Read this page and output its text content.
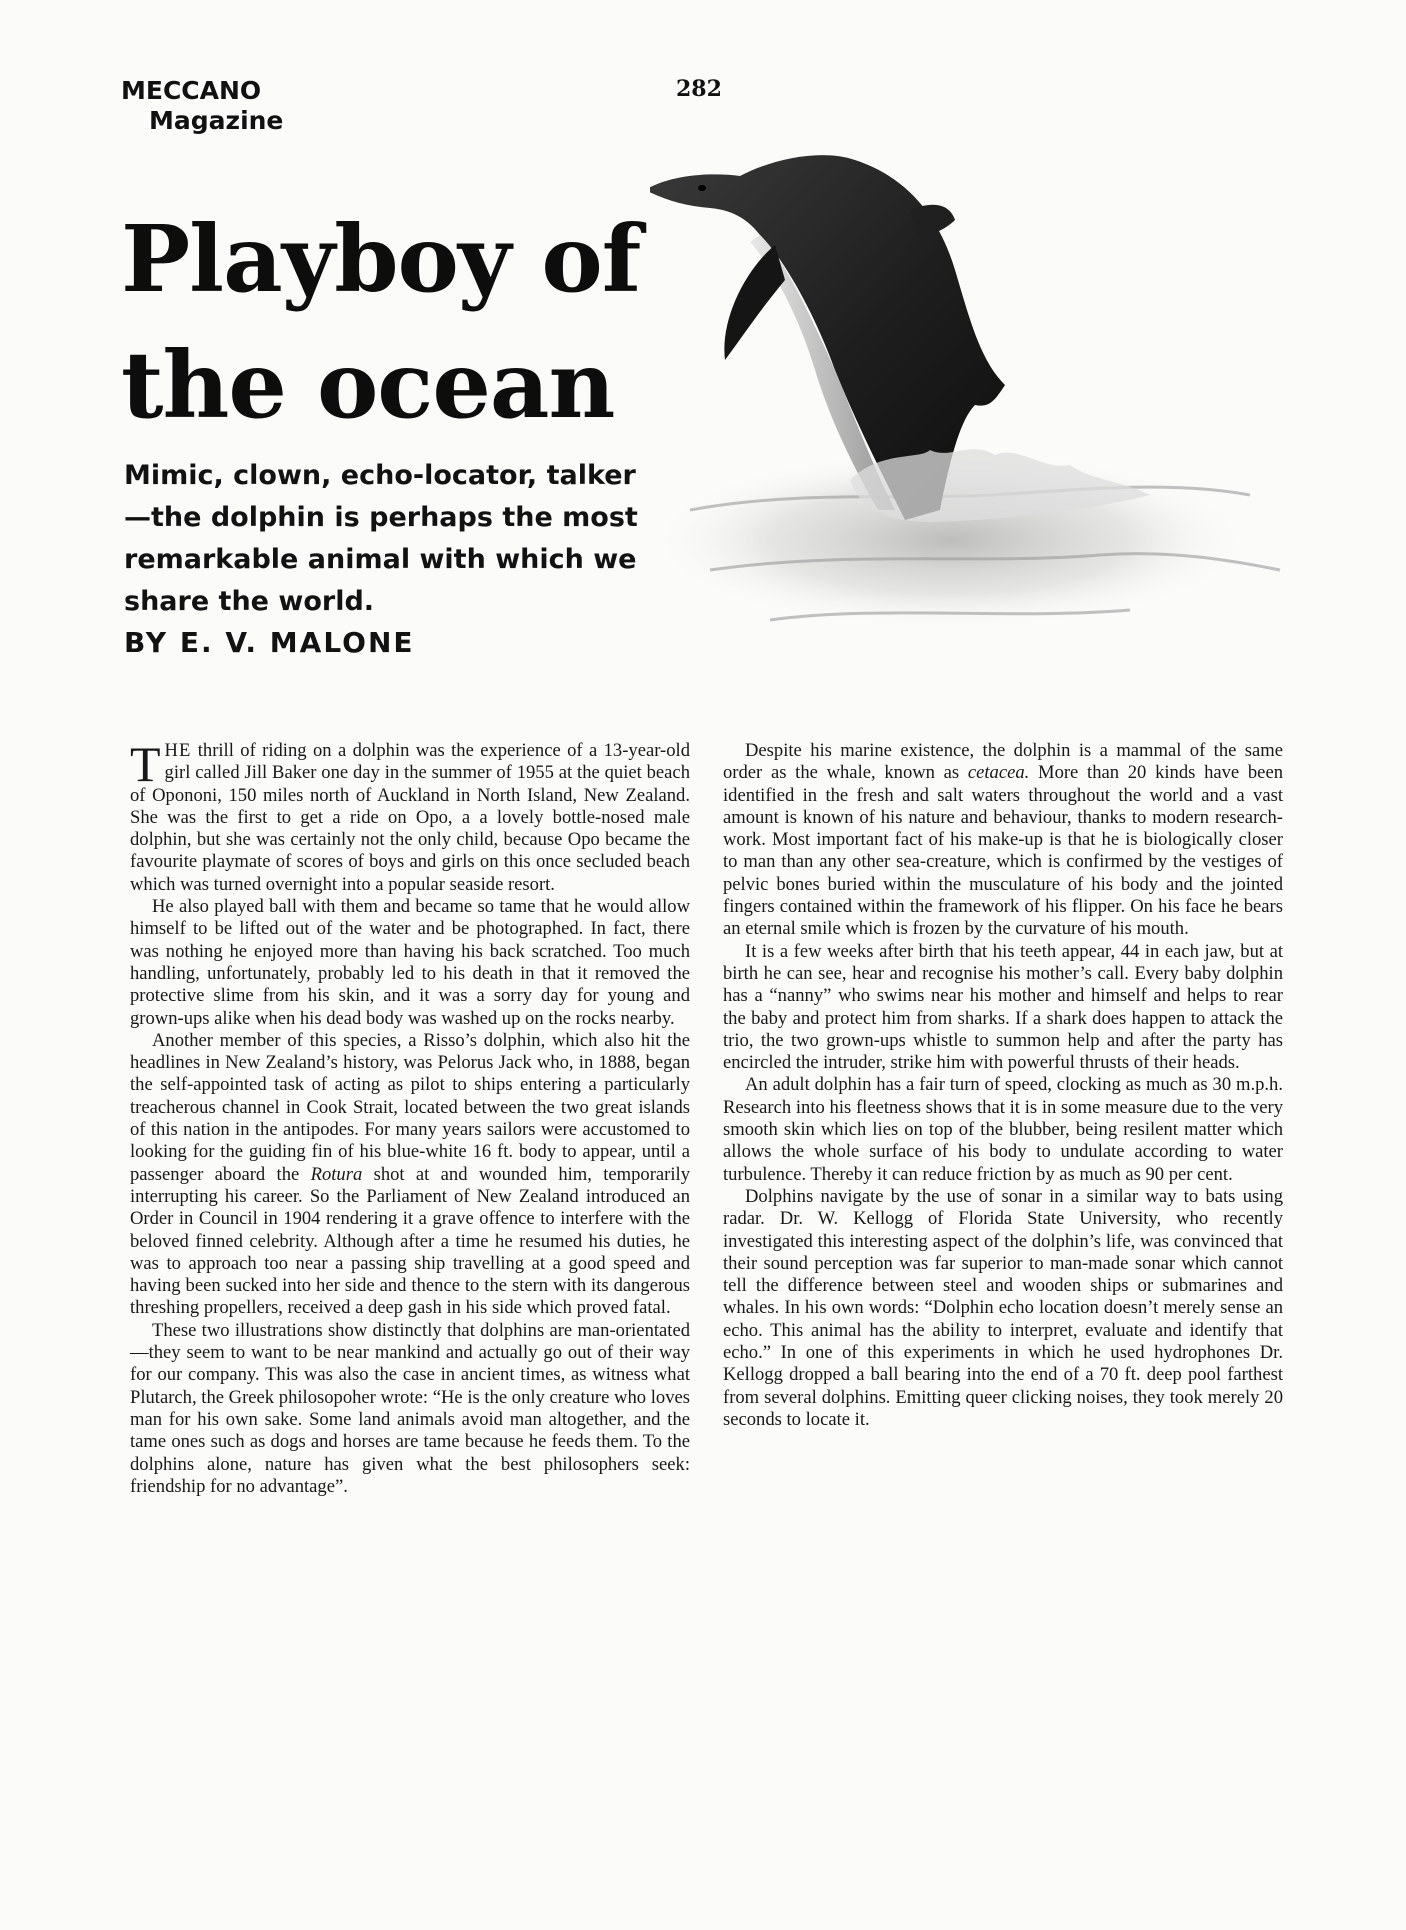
MECCANO
Magazine
282
Playboy of
the ocean

Mimic, clown, echo-locator, talker—the dolphin is perhaps the most remarkable animal with which we share the world.

BY E. V. MALONE

THE thrill of riding on a dolphin was the experience of a 13-year-old girl called Jill Baker one day in the summer of 1955 at the quiet beach of Opononi, 150 miles north of Auckland in North Island, New Zealand. She was the first to get a ride on Opo, a a lovely bottle-nosed male dolphin, but she was certainly not the only child, because Opo became the favourite playmate of scores of boys and girls on this once secluded beach which was turned overnight into a popular seaside resort.

He also played ball with them and became so tame that he would allow himself to be lifted out of the water and be photographed. In fact, there was nothing he enjoyed more than having his back scratched. Too much handling, unfortunately, probably led to his death in that it removed the protective slime from his skin, and it was a sorry day for young and grown-ups alike when his dead body was washed up on the rocks nearby.

Another member of this species, a Risso’s dolphin, which also hit the headlines in New Zealand’s history, was Pelorus Jack who, in 1888, began the self-appointed task of acting as pilot to ships entering a particularly treacherous channel in Cook Strait, located between the two great islands of this nation in the antipodes. For many years sailors were accustomed to looking for the guiding fin of his blue-white 16 ft. body to appear, until a passenger aboard the Rotura shot at and wounded him, temporarily interrupting his career. So the Parliament of New Zealand introduced an Order in Council in 1904 rendering it a grave offence to interfere with the beloved finned celebrity. Although after a time he resumed his duties, he was to approach too near a passing ship travelling at a good speed and having been sucked into her side and thence to the stern with its dangerous threshing propellers, received a deep gash in his side which proved fatal.

These two illustrations show distinctly that dolphins are man-orientated—they seem to want to be near mankind and actually go out of their way for our company. This was also the case in ancient times, as witness what Plutarch, the Greek philosopoher wrote: “He is the only creature who loves man for his own sake. Some land animals avoid man altogether, and the tame ones such as dogs and horses are tame because he feeds them. To the dolphins alone, nature has given what the best philosophers seek: friendship for no advantage”.

Despite his marine existence, the dolphin is a mammal of the same order as the whale, known as cetacea. More than 20 kinds have been identified in the fresh and salt waters throughout the world and a vast amount is known of his nature and behaviour, thanks to modern research-work. Most important fact of his make-up is that he is biologically closer to man than any other sea-creature, which is confirmed by the vestiges of pelvic bones buried within the musculature of his body and the jointed fingers contained within the framework of his flipper. On his face he bears an eternal smile which is frozen by the curvature of his mouth.

It is a few weeks after birth that his teeth appear, 44 in each jaw, but at birth he can see, hear and recognise his mother’s call. Every baby dolphin has a “nanny” who swims near his mother and himself and helps to rear the baby and protect him from sharks. If a shark does happen to attack the trio, the two grown-ups whistle to summon help and after the party has encircled the intruder, strike him with powerful thrusts of their heads.

An adult dolphin has a fair turn of speed, clocking as much as 30 m.p.h. Research into his fleetness shows that it is in some measure due to the very smooth skin which lies on top of the blubber, being resilent matter which allows the whole surface of his body to undulate according to water turbulence. Thereby it can reduce friction by as much as 90 per cent.

Dolphins navigate by the use of sonar in a similar way to bats using radar. Dr. W. Kellogg of Florida State University, who recently investigated this interesting aspect of the dolphin’s life, was convinced that their sound perception was far superior to man-made sonar which cannot tell the difference between steel and wooden ships or submarines and whales. In his own words: “Dolphin echo location doesn’t merely sense an echo. This animal has the ability to interpret, evaluate and identify that echo.” In one of this experiments in which he used hydrophones Dr. Kellogg dropped a ball bearing into the end of a 70 ft. deep pool farthest from several dolphins. Emitting queer clicking noises, they took merely 20 seconds to locate it.
